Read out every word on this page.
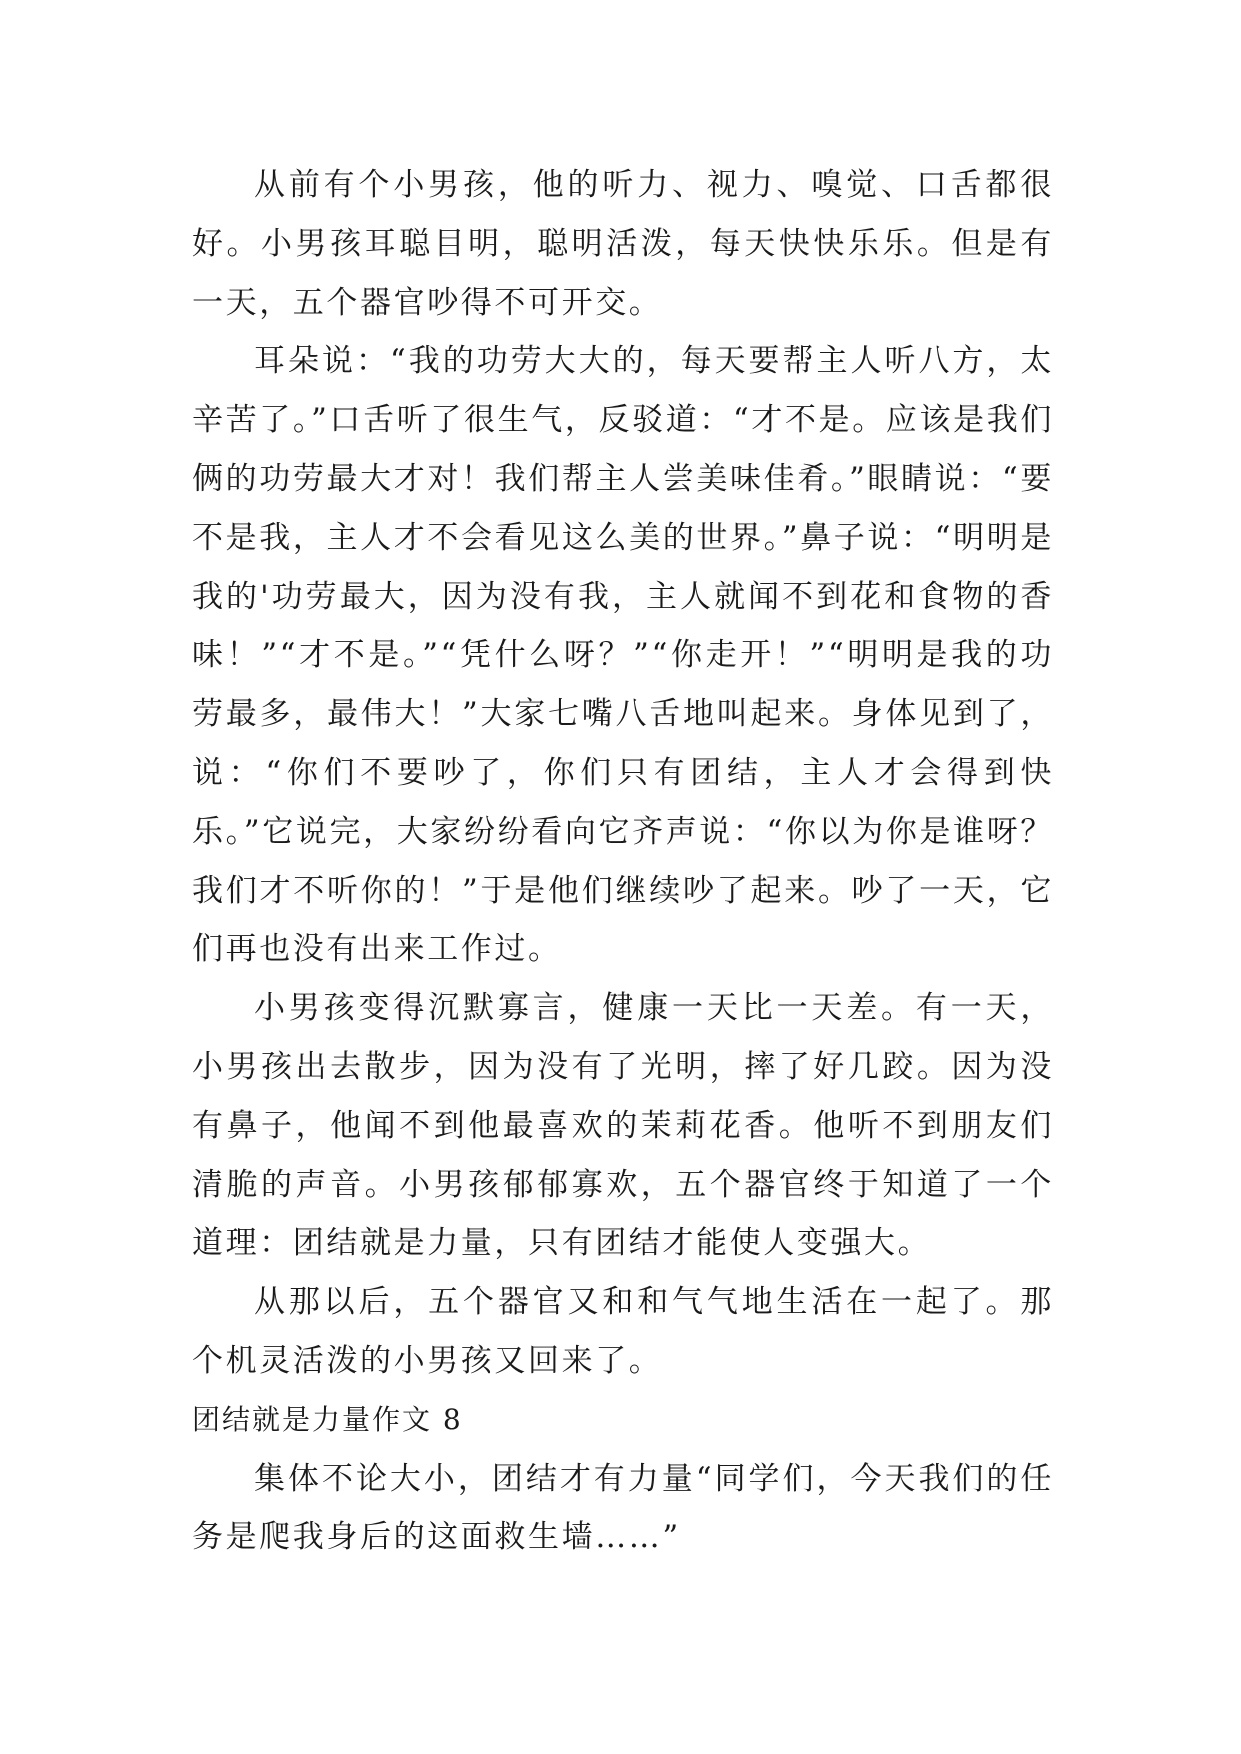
从前有个小男孩，他的听力、视力、嗅觉、口舌都很好。小男孩耳聪目明，聪明活泼，每天快快乐乐。但是有一天，五个器官吵得不可开交。

耳朵说：“我的功劳大大的，每天要帮主人听八方，太辛苦了。”口舌听了很生气，反驳道：“才不是。应该是我们俩的功劳最大才对！我们帮主人尝美味佳肴。”眼睛说：“要不是我，主人才不会看见这么美的世界。”鼻子说：“明明是我的'功劳最大，因为没有我，主人就闻不到花和食物的香味！”“才不是。”“凭什么呀？”“你走开！”“明明是我的功劳最多，最伟大！”大家七嘴八舌地叫起来。身体见到了，说：“你们不要吵了，你们只有团结，主人才会得到快乐。”它说完，大家纷纷看向它齐声说：“你以为你是谁呀？我们才不听你的！”于是他们继续吵了起来。吵了一天，它们再也没有出来工作过。

小男孩变得沉默寡言，健康一天比一天差。有一天，小男孩出去散步，因为没有了光明，摔了好几跤。因为没有鼻子，他闻不到他最喜欢的茉莉花香。他听不到朋友们清脆的声音。小男孩郁郁寡欢，五个器官终于知道了一个道理：团结就是力量，只有团结才能使人变强大。

从那以后，五个器官又和和气气地生活在一起了。那个机灵活泼的小男孩又回来了。

团结就是力量作文 8

集体不论大小，团结才有力量“同学们，今天我们的任务是爬我身后的这面救生墙……”
